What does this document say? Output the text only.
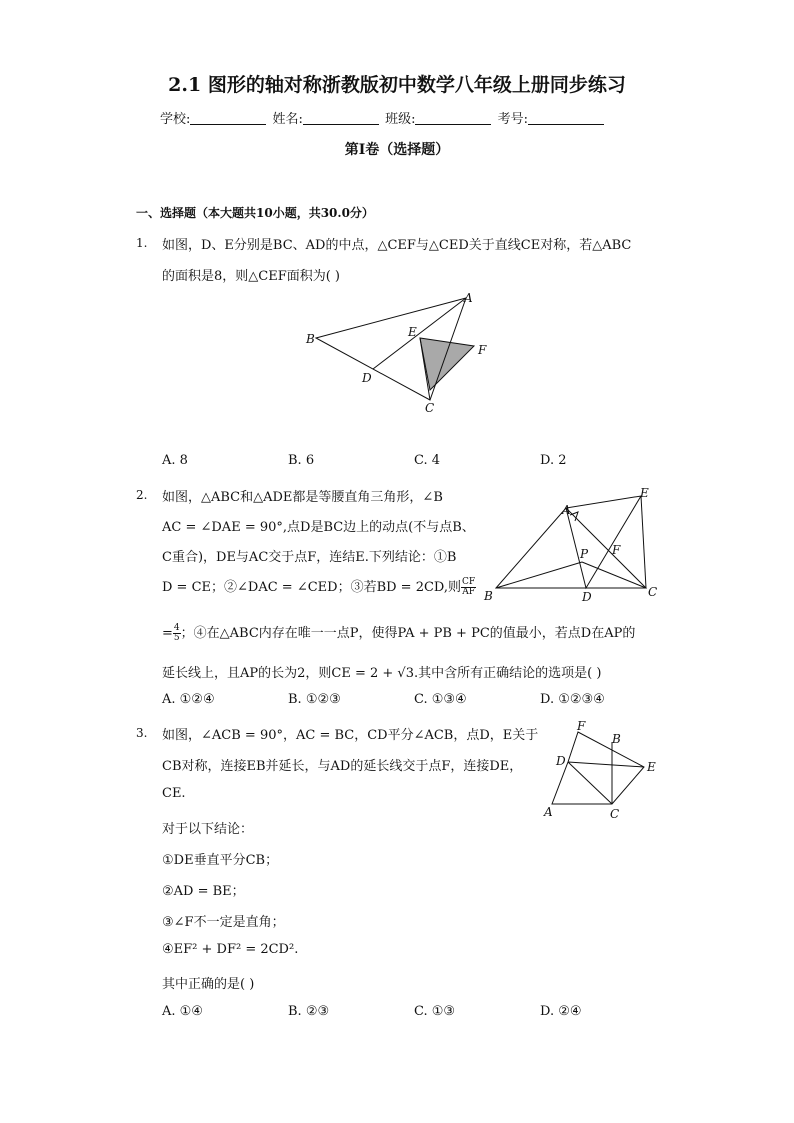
2.1 图形的轴对称浙教版初中数学八年级上册同步练习
学校:	姓名:	班级:	考号:
第I卷（选择题）
一、选择题（本大题共10小题，共30.0分）
1. 如图，D、E分别是BC、AD的中点，△CEF与△CED关于直线CE对称，若△ABC
的面积是8，则△CEF面积为( )
A
B
C
D
E
F
A. 8	B. 6	C. 4	D. 2
2. 如图，△ABC和△ADE都是等腰直角三角形，∠B
AC = ∠DAE = 90°,点D是BC边上的动点(不与点B、
C重合)，DE与AC交于点F，连结E.下列结论：①B
D = CE；②∠DAC = ∠CED；③若BD = 2CD,则 $\frac{CF}{AF}$
= $\frac{4}{5}$ ；④在△ABC内存在唯一一点P，使得PA + PB + PC的值最小，若点D在AP的
延长线上，且AP的长为2，则CE = 2 + √3.其中含所有正确结论的选项是( )
A
B	C
D
E
F
P
A. ①②④	B. ①②③	C. ①③④	D. ①②③④
3. 如图，∠ACB = 90°，AC = BC，CD平分∠ACB，点D，E关于
CB对称，连接EB并延长，与AD的延长线交于点F，连接DE，
CE.
对于以下结论：
①DE垂直平分CB；
②AD = BE；
③∠F不一定是直角；
④EF² + DF² = 2CD².
其中正确的是( )
A
B
C
D	E
F
A. ①④	B. ②③	C. ①③	D. ②④
